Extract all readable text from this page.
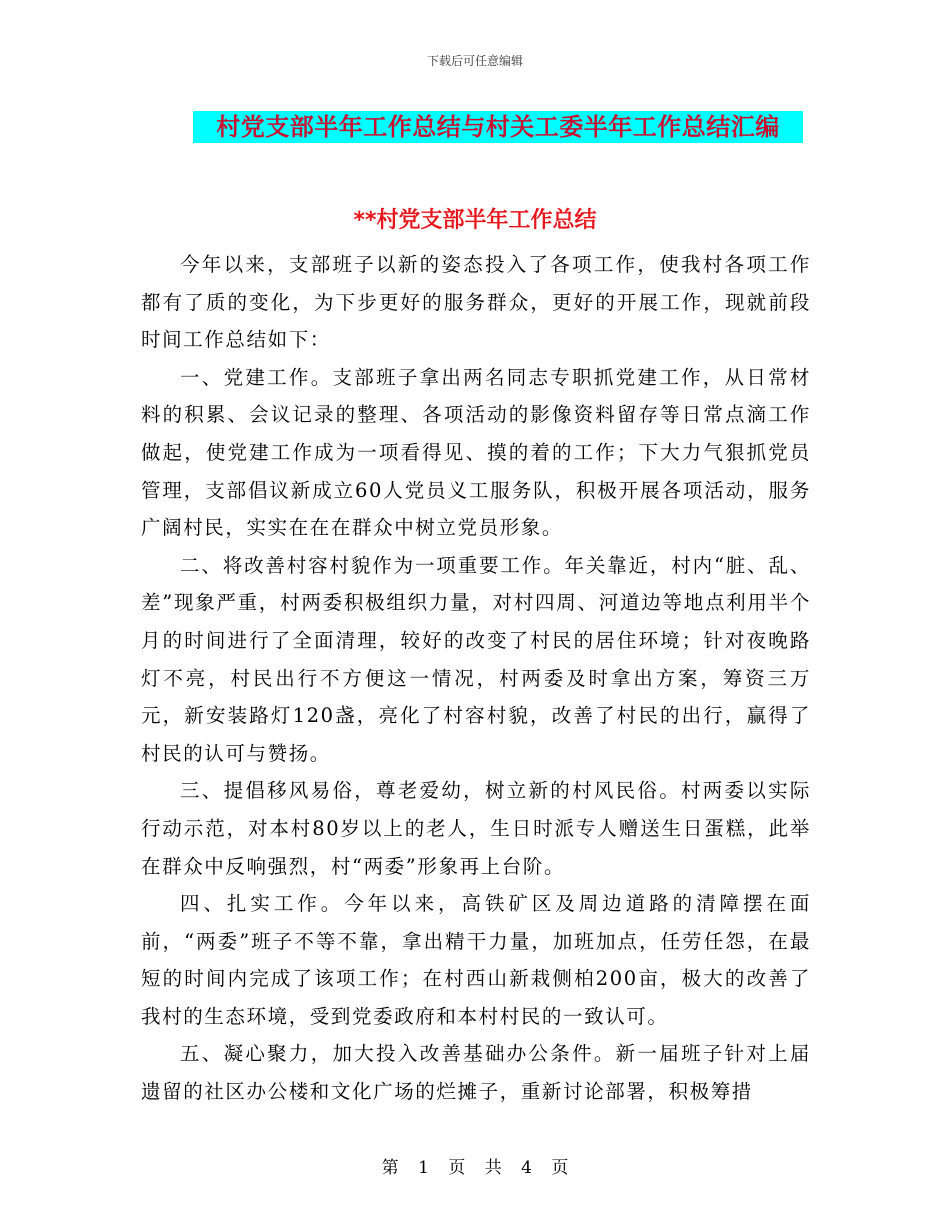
下载后可任意编辑
村党支部半年工作总结与村关工委半年工作总结汇编
**村党支部半年工作总结

今年以来，支部班子以新的姿态投入了各项工作，使我村各项工作都有了质的变化，为下步更好的服务群众，更好的开展工作，现就前段时间工作总结如下：

一、党建工作。支部班子拿出两名同志专职抓党建工作，从日常材料的积累、会议记录的整理、各项活动的影像资料留存等日常点滴工作做起，使党建工作成为一项看得见、摸的着的工作；下大力气狠抓党员管理，支部倡议新成立60人党员义工服务队，积极开展各项活动，服务广阔村民，实实在在在群众中树立党员形象。

二、将改善村容村貌作为一项重要工作。年关靠近，村内“脏、乱、差”现象严重，村两委积极组织力量，对村四周、河道边等地点利用半个月的时间进行了全面清理，较好的改变了村民的居住环境；针对夜晚路灯不亮，村民出行不方便这一情况，村两委及时拿出方案，筹资三万元，新安装路灯120盏，亮化了村容村貌，改善了村民的出行，赢得了村民的认可与赞扬。

三、提倡移风易俗，尊老爱幼，树立新的村风民俗。村两委以实际行动示范，对本村80岁以上的老人，生日时派专人赠送生日蛋糕，此举在群众中反响强烈，村“两委”形象再上台阶。

四、扎实工作。今年以来，高铁矿区及周边道路的清障摆在面前，“两委”班子不等不靠，拿出精干力量，加班加点，任劳任怨，在最短的时间内完成了该项工作；在村西山新栽侧柏200亩，极大的改善了我村的生态环境，受到党委政府和本村村民的一致认可。

五、凝心聚力，加大投入改善基础办公条件。新一届班子针对上届遗留的社区办公楼和文化广场的烂摊子，重新讨论部署，积极筹措

第 1 页 共 4 页
